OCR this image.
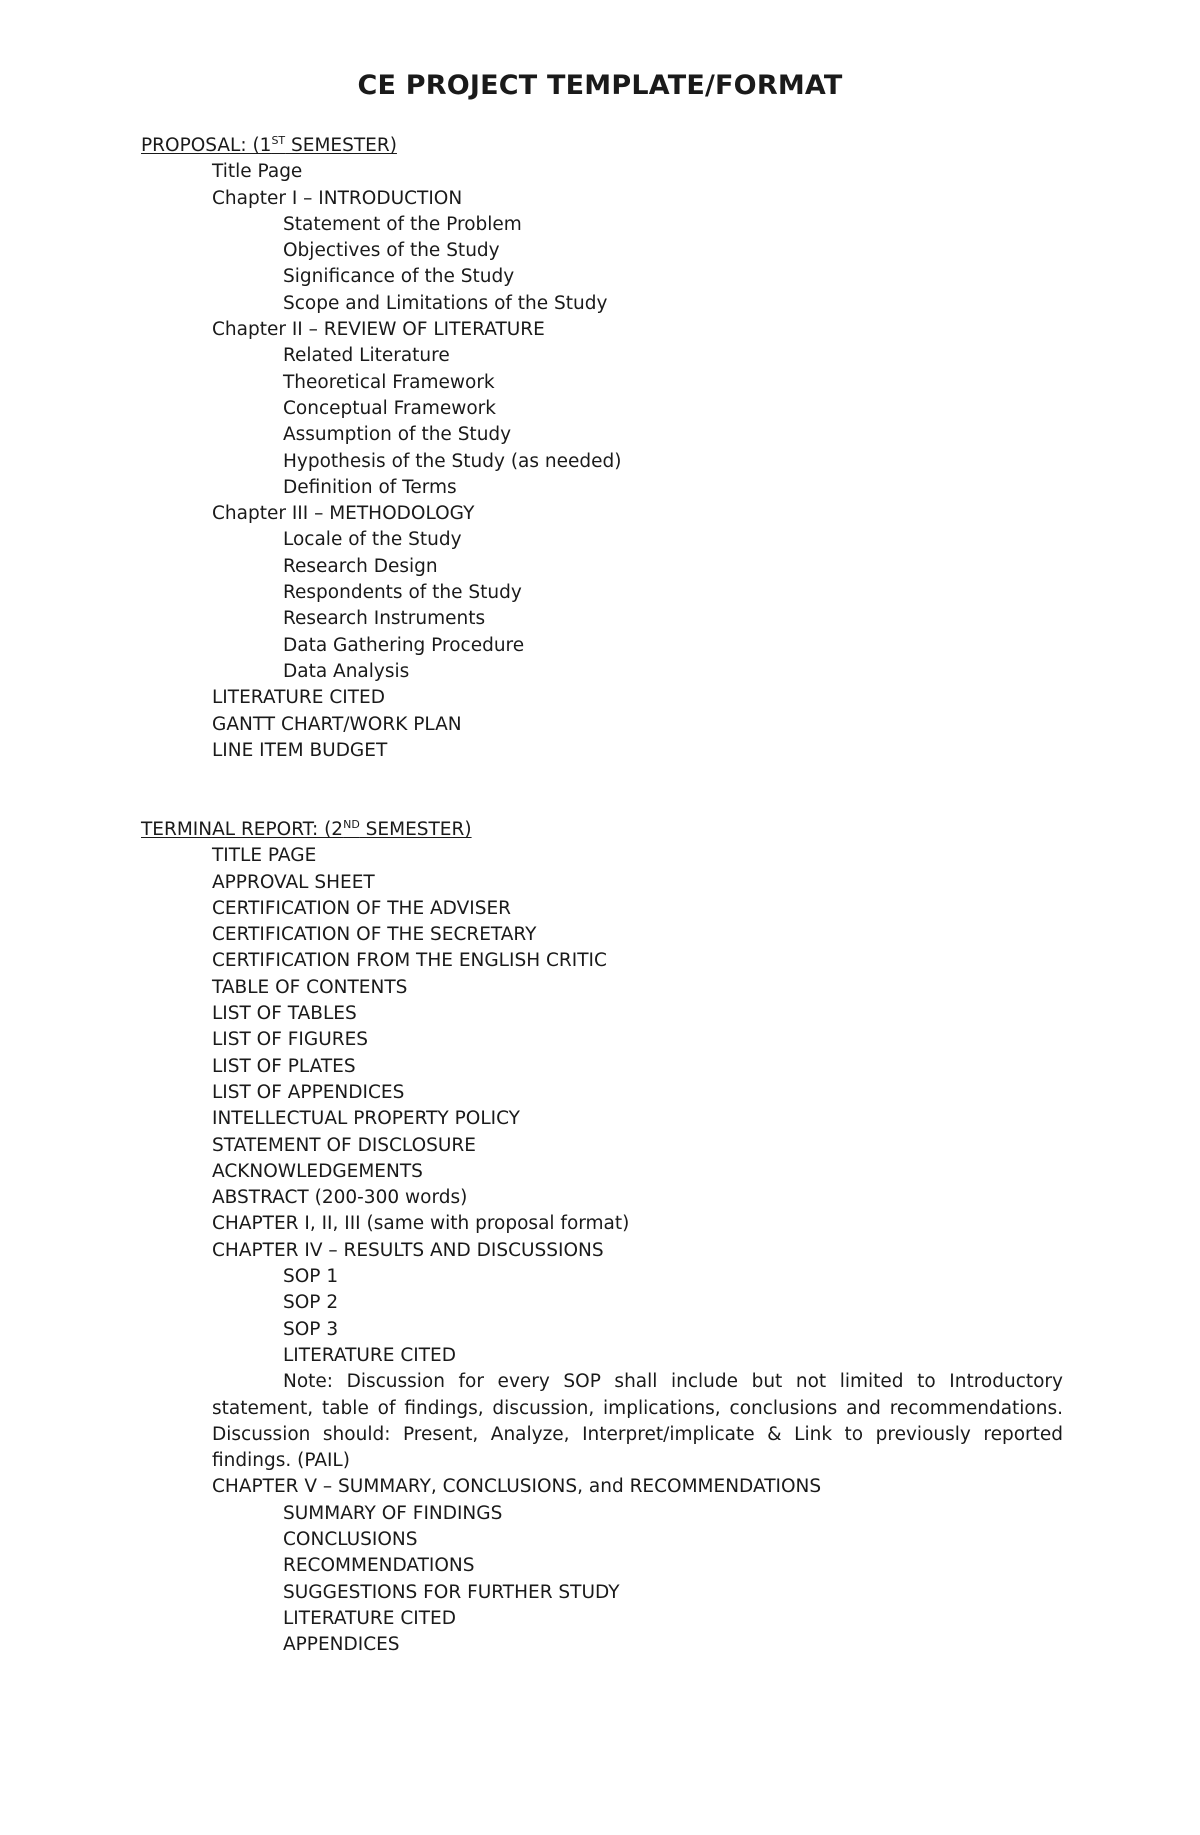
CE PROJECT TEMPLATE/FORMAT
PROPOSAL: (1ST SEMESTER)
Title Page
Chapter I – INTRODUCTION
Statement of the Problem
Objectives of the Study
Significance of the Study
Scope and Limitations of the Study
Chapter II – REVIEW OF LITERATURE
Related Literature
Theoretical Framework
Conceptual Framework
Assumption of the Study
Hypothesis of the Study (as needed)
Definition of Terms
Chapter III – METHODOLOGY
Locale of the Study
Research Design
Respondents of the Study
Research Instruments
Data Gathering Procedure
Data Analysis
LITERATURE CITED
GANTT CHART/WORK PLAN
LINE ITEM BUDGET
TERMINAL REPORT: (2ND SEMESTER)
TITLE PAGE
APPROVAL SHEET
CERTIFICATION OF THE ADVISER
CERTIFICATION OF THE SECRETARY
CERTIFICATION FROM THE ENGLISH CRITIC
TABLE OF CONTENTS
LIST OF TABLES
LIST OF FIGURES
LIST OF PLATES
LIST OF APPENDICES
INTELLECTUAL PROPERTY POLICY
STATEMENT OF DISCLOSURE
ACKNOWLEDGEMENTS
ABSTRACT (200-300 words)
CHAPTER I, II, III (same with proposal format)
CHAPTER IV – RESULTS AND DISCUSSIONS
SOP 1
SOP 2
SOP 3
LITERATURE CITED
Note: Discussion for every SOP shall include but not limited to Introductory statement, table of findings, discussion, implications, conclusions and recommendations. Discussion should: Present, Analyze, Interpret/implicate & Link to previously reported findings. (PAIL)
CHAPTER V – SUMMARY, CONCLUSIONS, and RECOMMENDATIONS
SUMMARY OF FINDINGS
CONCLUSIONS
RECOMMENDATIONS
SUGGESTIONS FOR FURTHER STUDY
LITERATURE CITED
APPENDICES
